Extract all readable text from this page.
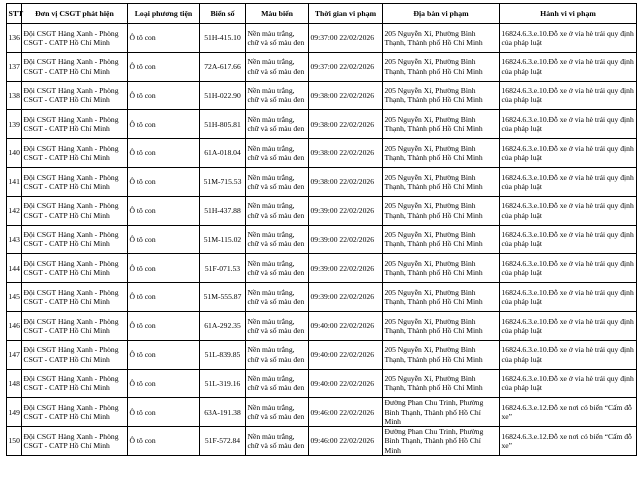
STT	Đơn vị CSGT phát hiện	Loại phương tiện	Biển số	Màu biển	Thời gian vi phạm	Địa bàn vi phạm	Hành vi vi phạm
136	Đội CSGT Hàng Xanh - Phòng CSGT - CATP Hồ Chí Minh	Ô tô con	51H-415.10	Nền màu trắng, chữ và số màu đen	09:37:00 22/02/2026	205 Nguyễn Xí, Phường Bình Thạnh, Thành phố Hồ Chí Minh	16824.6.3.e.10.Đỗ xe ở vỉa hè trái quy định của pháp luật
137	Đội CSGT Hàng Xanh - Phòng CSGT - CATP Hồ Chí Minh	Ô tô con	72A-617.66	Nền màu trắng, chữ và số màu đen	09:37:00 22/02/2026	205 Nguyễn Xí, Phường Bình Thạnh, Thành phố Hồ Chí Minh	16824.6.3.e.10.Đỗ xe ở vỉa hè trái quy định của pháp luật
138	Đội CSGT Hàng Xanh - Phòng CSGT - CATP Hồ Chí Minh	Ô tô con	51H-022.90	Nền màu trắng, chữ và số màu đen	09:38:00 22/02/2026	205 Nguyễn Xí, Phường Bình Thạnh, Thành phố Hồ Chí Minh	16824.6.3.e.10.Đỗ xe ở vỉa hè trái quy định của pháp luật
139	Đội CSGT Hàng Xanh - Phòng CSGT - CATP Hồ Chí Minh	Ô tô con	51H-805.81	Nền màu trắng, chữ và số màu đen	09:38:00 22/02/2026	205 Nguyễn Xí, Phường Bình Thạnh, Thành phố Hồ Chí Minh	16824.6.3.e.10.Đỗ xe ở vỉa hè trái quy định của pháp luật
140	Đội CSGT Hàng Xanh - Phòng CSGT - CATP Hồ Chí Minh	Ô tô con	61A-018.04	Nền màu trắng, chữ và số màu đen	09:38:00 22/02/2026	205 Nguyễn Xí, Phường Bình Thạnh, Thành phố Hồ Chí Minh	16824.6.3.e.10.Đỗ xe ở vỉa hè trái quy định của pháp luật
141	Đội CSGT Hàng Xanh - Phòng CSGT - CATP Hồ Chí Minh	Ô tô con	51M-715.53	Nền màu trắng, chữ và số màu đen	09:38:00 22/02/2026	205 Nguyễn Xí, Phường Bình Thạnh, Thành phố Hồ Chí Minh	16824.6.3.e.10.Đỗ xe ở vỉa hè trái quy định của pháp luật
142	Đội CSGT Hàng Xanh - Phòng CSGT - CATP Hồ Chí Minh	Ô tô con	51H-437.88	Nền màu trắng, chữ và số màu đen	09:39:00 22/02/2026	205 Nguyễn Xí, Phường Bình Thạnh, Thành phố Hồ Chí Minh	16824.6.3.e.10.Đỗ xe ở vỉa hè trái quy định của pháp luật
143	Đội CSGT Hàng Xanh - Phòng CSGT - CATP Hồ Chí Minh	Ô tô con	51M-115.02	Nền màu trắng, chữ và số màu đen	09:39:00 22/02/2026	205 Nguyễn Xí, Phường Bình Thạnh, Thành phố Hồ Chí Minh	16824.6.3.e.10.Đỗ xe ở vỉa hè trái quy định của pháp luật
144	Đội CSGT Hàng Xanh - Phòng CSGT - CATP Hồ Chí Minh	Ô tô con	51F-071.53	Nền màu trắng, chữ và số màu đen	09:39:00 22/02/2026	205 Nguyễn Xí, Phường Bình Thạnh, Thành phố Hồ Chí Minh	16824.6.3.e.10.Đỗ xe ở vỉa hè trái quy định của pháp luật
145	Đội CSGT Hàng Xanh - Phòng CSGT - CATP Hồ Chí Minh	Ô tô con	51M-555.87	Nền màu trắng, chữ và số màu đen	09:39:00 22/02/2026	205 Nguyễn Xí, Phường Bình Thạnh, Thành phố Hồ Chí Minh	16824.6.3.e.10.Đỗ xe ở vỉa hè trái quy định của pháp luật
146	Đội CSGT Hàng Xanh - Phòng CSGT - CATP Hồ Chí Minh	Ô tô con	61A-292.35	Nền màu trắng, chữ và số màu đen	09:40:00 22/02/2026	205 Nguyễn Xí, Phường Bình Thạnh, Thành phố Hồ Chí Minh	16824.6.3.e.10.Đỗ xe ở vỉa hè trái quy định của pháp luật
147	Đội CSGT Hàng Xanh - Phòng CSGT - CATP Hồ Chí Minh	Ô tô con	51L-839.85	Nền màu trắng, chữ và số màu đen	09:40:00 22/02/2026	205 Nguyễn Xí, Phường Bình Thạnh, Thành phố Hồ Chí Minh	16824.6.3.e.10.Đỗ xe ở vỉa hè trái quy định của pháp luật
148	Đội CSGT Hàng Xanh - Phòng CSGT - CATP Hồ Chí Minh	Ô tô con	51L-319.16	Nền màu trắng, chữ và số màu đen	09:40:00 22/02/2026	205 Nguyễn Xí, Phường Bình Thạnh, Thành phố Hồ Chí Minh	16824.6.3.e.10.Đỗ xe ở vỉa hè trái quy định của pháp luật
149	Đội CSGT Hàng Xanh - Phòng CSGT - CATP Hồ Chí Minh	Ô tô con	63A-191.38	Nền màu trắng, chữ và số màu đen	09:46:00 22/02/2026	Đường Phan Chu Trinh, Phường Bình Thạnh, Thành phố Hồ Chí Minh	16824.6.3.e.12.Đỗ xe nơi có biển “Cấm đỗ xe”
150	Đội CSGT Hàng Xanh - Phòng CSGT - CATP Hồ Chí Minh	Ô tô con	51F-572.84	Nền màu trắng, chữ và số màu đen	09:46:00 22/02/2026	Đường Phan Chu Trinh, Phường Bình Thạnh, Thành phố Hồ Chí Minh	16824.6.3.e.12.Đỗ xe nơi có biển “Cấm đỗ xe”
